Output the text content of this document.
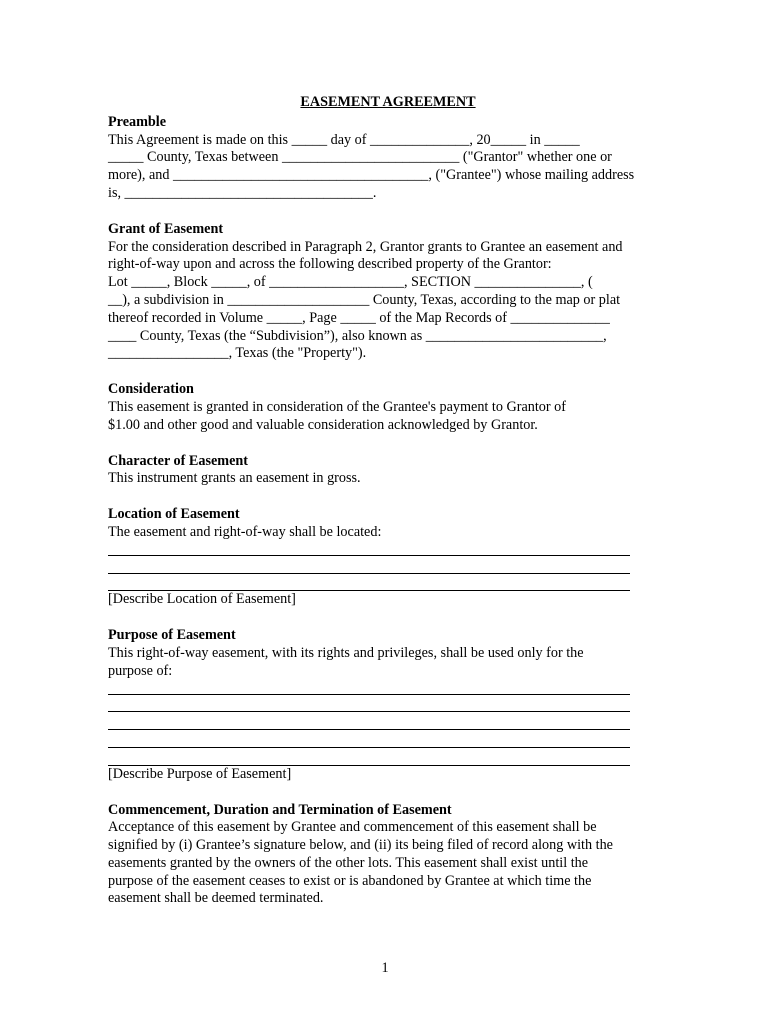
EASEMENT AGREEMENT
Preamble
This Agreement is made on this _____ day of ______________, 20_____ in _____
_____ County, Texas between _________________________ ("Grantor" whether one or
more), and ____________________________________, ("Grantee") whose mailing address
is, ___________________________________.
Grant of Easement
For the consideration described in Paragraph 2, Grantor grants to Grantee an easement and
right-of-way upon and across the following described property of the Grantor:
Lot _____, Block _____, of ___________________, SECTION _______________, (
__), a subdivision in ____________________ County, Texas, according to the map or plat
thereof recorded in Volume _____, Page _____ of the Map Records of ______________
____ County, Texas (the “Subdivision”), also known as _________________________,
_________________, Texas (the "Property").
Consideration
This easement is granted in consideration of the Grantee's payment to Grantor of
$1.00 and other good and valuable consideration acknowledged by Grantor.
Character of Easement
This instrument grants an easement in gross.
Location of Easement
The easement and right-of-way shall be located:
[Describe Location of Easement]
Purpose of Easement
This right-of-way easement, with its rights and privileges, shall be used only for the
purpose of:
[Describe Purpose of Easement]
Commencement, Duration and Termination of Easement
Acceptance of this easement by Grantee and commencement of this easement shall be
signified by (i) Grantee’s signature below, and (ii) its being filed of record along with the
easements granted by the owners of the other lots. This easement shall exist until the
purpose of the easement ceases to exist or is abandoned by Grantee at which time the
easement shall be deemed terminated.
1
